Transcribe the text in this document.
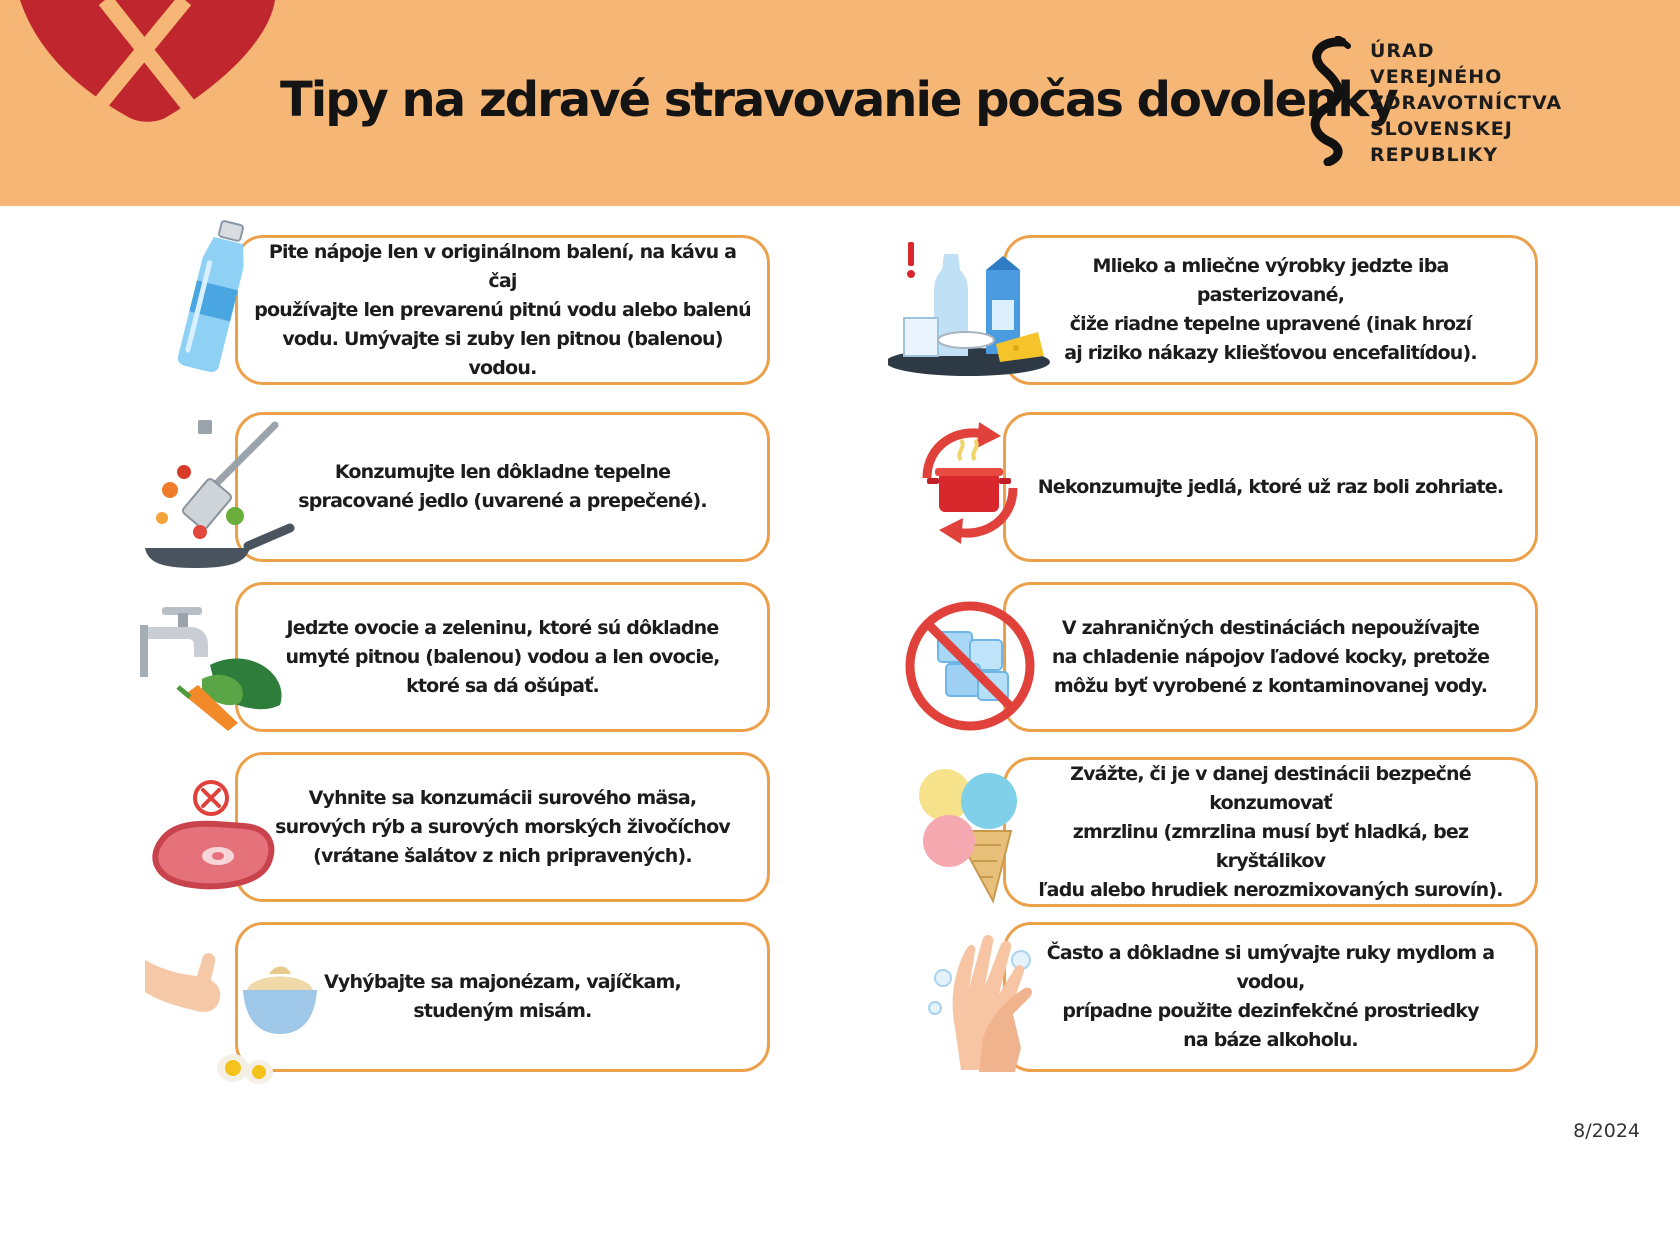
Tipy na zdravé stravovanie počas dovolenky
ÚRAD
VEREJNÉHO
ZDRAVOTNÍCTVA
SLOVENSKEJ
REPUBLIKY
Pite nápoje len v originálnom balení, na kávu a čaj
používajte len prevarenú pitnú vodu alebo balenú
vodu. Umývajte si zuby len pitnou (balenou) vodou.
Konzumujte len dôkladne tepelne
spracované jedlo (uvarené a prepečené).
Jedzte ovocie a zeleninu, ktoré sú dôkladne
umyté pitnou (balenou) vodou a len ovocie,
ktoré sa dá ošúpať.
Vyhnite sa konzumácii surového mäsa,
surových rýb a surových morských živočíchov
(vrátane šalátov z nich pripravených).
Vyhýbajte sa majonézam, vajíčkam,
studeným misám.
Mlieko a mliečne výrobky jedzte iba pasterizované,
čiže riadne tepelne upravené (inak hrozí
aj riziko nákazy kliešťovou encefalitídou).
Nekonzumujte jedlá, ktoré už raz boli zohriate.
V zahraničných destináciách nepoužívajte
na chladenie nápojov ľadové kocky, pretože
môžu byť vyrobené z kontaminovanej vody.
Zvážte, či je v danej destinácii bezpečné konzumovať
zmrzlinu (zmrzlina musí byť hladká, bez kryštálikov
ľadu alebo hrudiek nerozmixovaných surovín).
Často a dôkladne si umývajte ruky mydlom a vodou,
prípadne použite dezinfekčné prostriedky
na báze alkoholu.
8/2024
